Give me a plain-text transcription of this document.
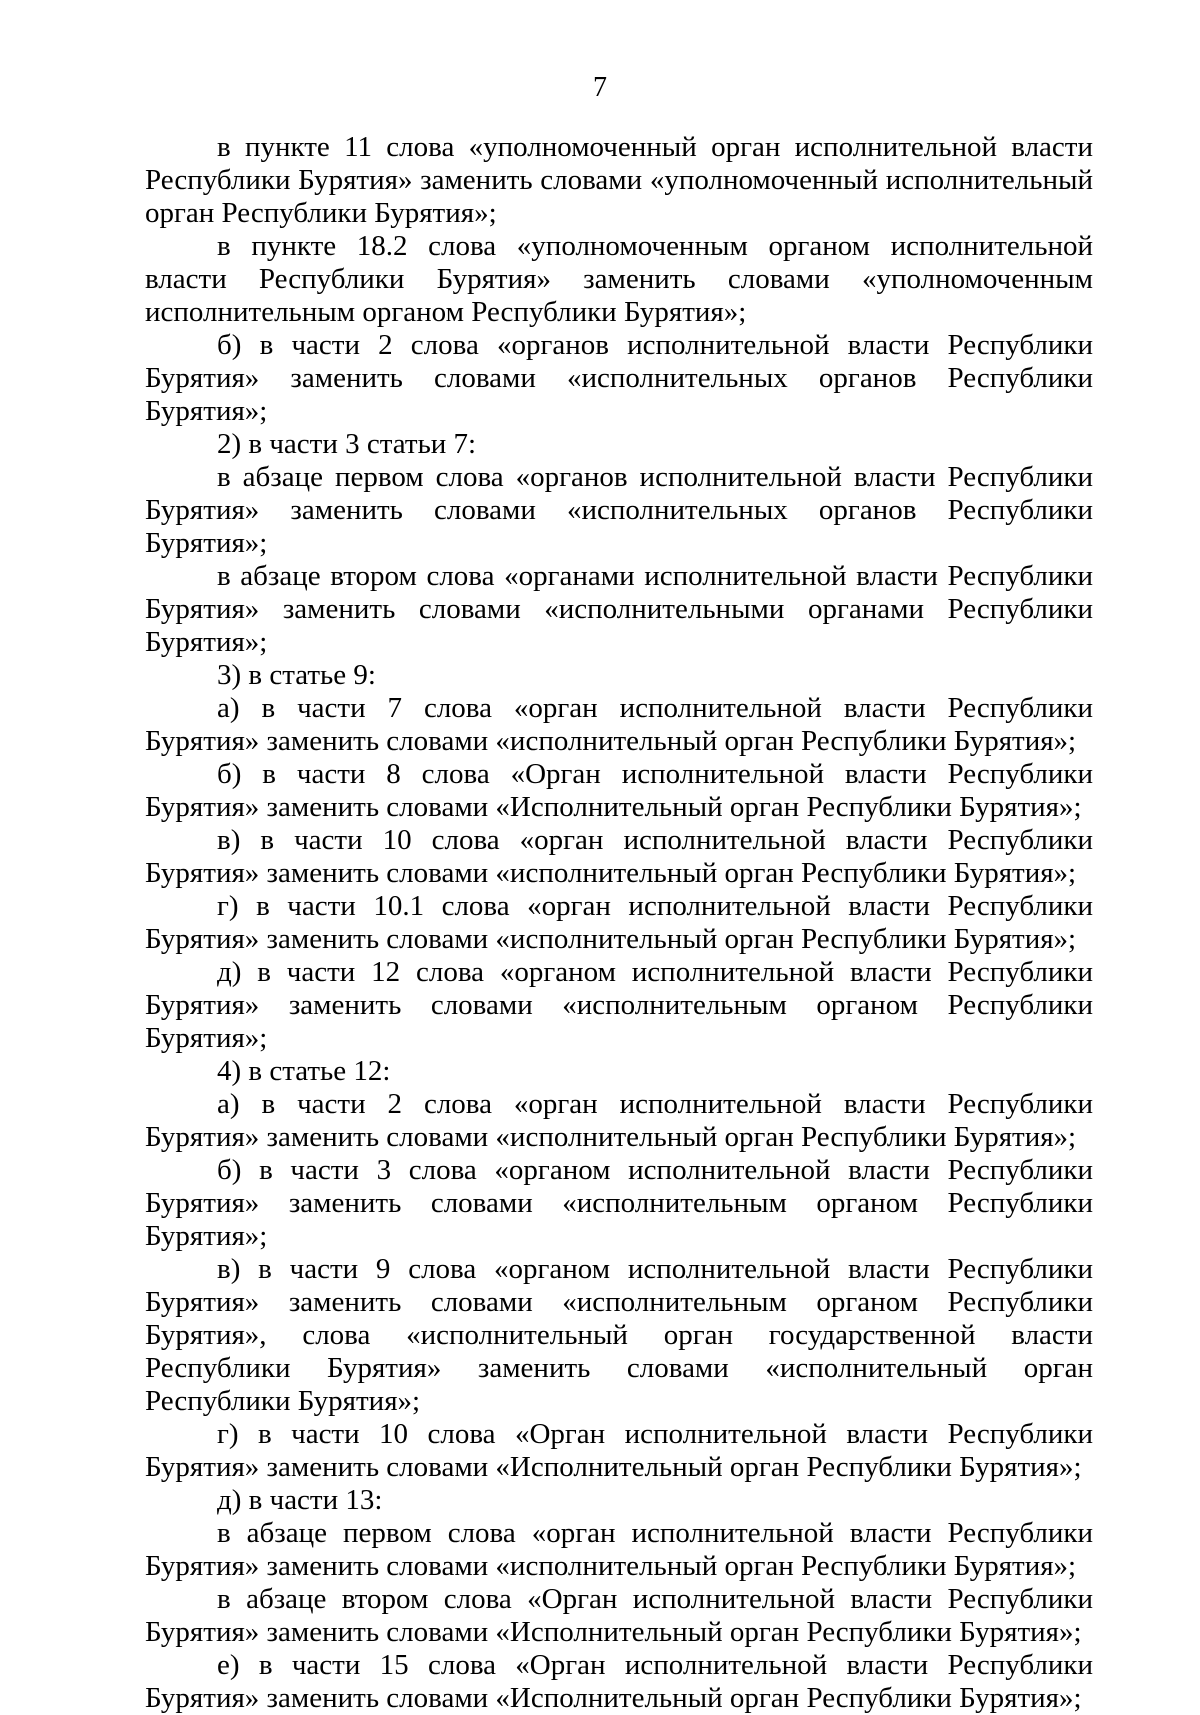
7

в пункте 11 слова «уполномоченный орган исполнительной власти Республики Бурятия» заменить словами «уполномоченный исполнительный орган Республики Бурятия»;

в пункте 18.2 слова «уполномоченным органом исполнительной власти Республики Бурятия» заменить словами «уполномоченным исполнительным органом Республики Бурятия»;

б) в части 2 слова «органов исполнительной власти Республики Бурятия» заменить словами «исполнительных органов Республики Бурятия»;

2) в части 3 статьи 7:

в абзаце первом слова «органов исполнительной власти Республики Бурятия» заменить словами «исполнительных органов Республики Бурятия»;

в абзаце втором слова «органами исполнительной власти Республики Бурятия» заменить словами «исполнительными органами Республики Бурятия»;

3) в статье 9:

а) в части 7 слова «орган исполнительной власти Республики Бурятия» заменить словами «исполнительный орган Республики Бурятия»;

б) в части 8 слова «Орган исполнительной власти Республики Бурятия» заменить словами «Исполнительный орган Республики Бурятия»;

в) в части 10 слова «орган исполнительной власти Республики Бурятия» заменить словами «исполнительный орган Республики Бурятия»;

г) в части 10.1 слова «орган исполнительной власти Республики Бурятия» заменить словами «исполнительный орган Республики Бурятия»;

д) в части 12 слова «органом исполнительной власти Республики Бурятия» заменить словами «исполнительным органом Республики Бурятия»;

4) в статье 12:

а) в части 2 слова «орган исполнительной власти Республики Бурятия» заменить словами «исполнительный орган Республики Бурятия»;

б) в части 3 слова «органом исполнительной власти Республики Бурятия» заменить словами «исполнительным органом Республики Бурятия»;

в) в части 9 слова «органом исполнительной власти Республики Бурятия» заменить словами «исполнительным органом Республики Бурятия», слова «исполнительный орган государственной власти Республики Бурятия» заменить словами «исполнительный орган Республики Бурятия»;

г) в части 10 слова «Орган исполнительной власти Республики Бурятия» заменить словами «Исполнительный орган Республики Бурятия»;

д) в части 13:

в абзаце первом слова «орган исполнительной власти Республики Бурятия» заменить словами «исполнительный орган Республики Бурятия»;

в абзаце втором слова «Орган исполнительной власти Республики Бурятия» заменить словами «Исполнительный орган Республики Бурятия»;

е) в части 15 слова «Орган исполнительной власти Республики Бурятия» заменить словами «Исполнительный орган Республики Бурятия»;
